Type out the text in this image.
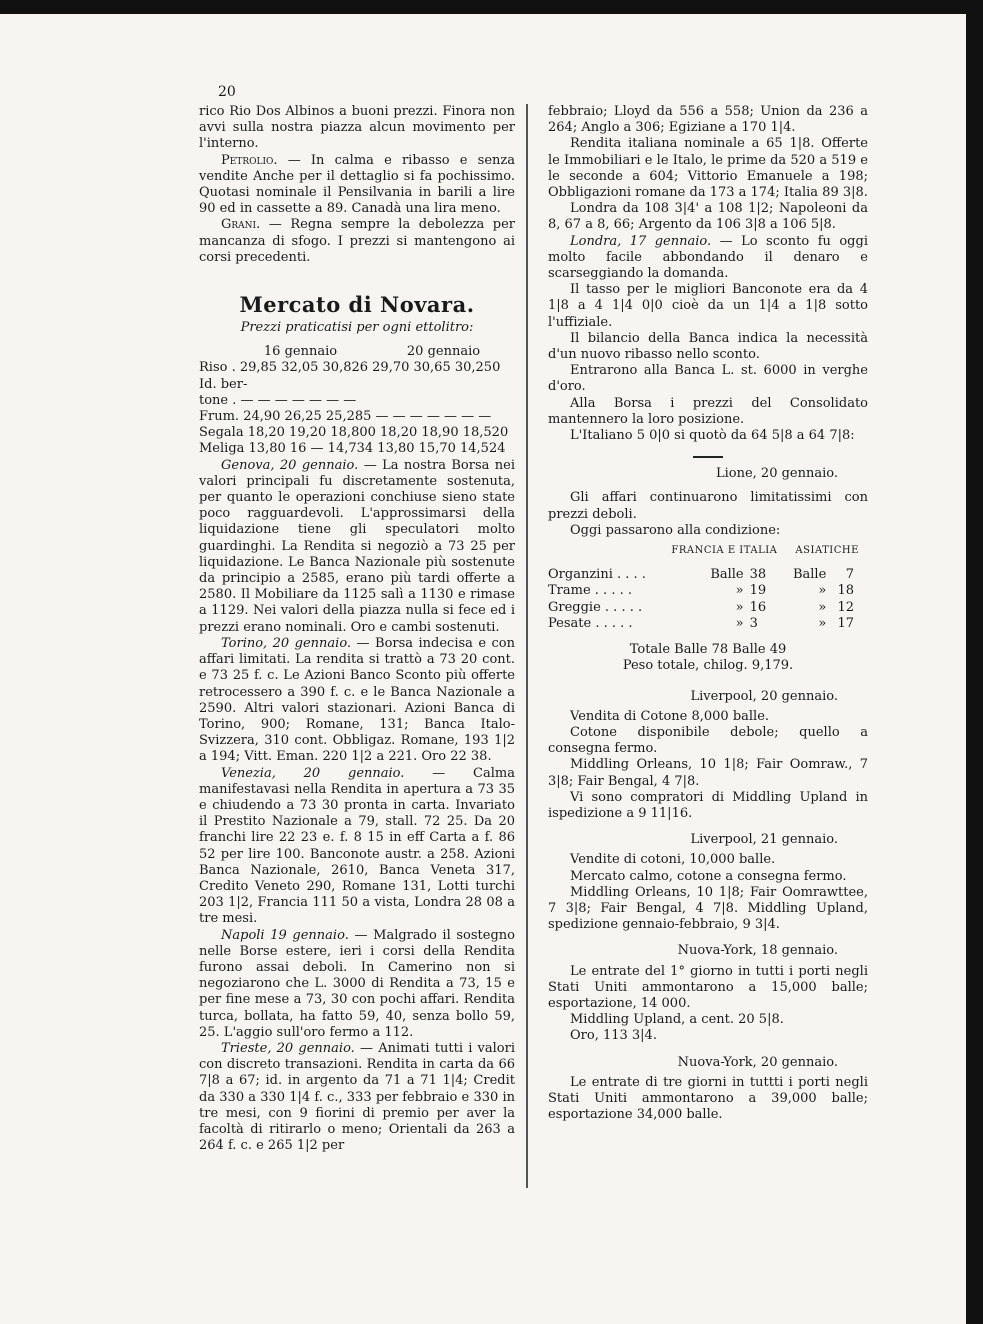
20

rico Rio Dos Albinos a buoni prezzi. Finora non avvi sulla nostra piazza alcun movimento per l'interno.

Petrolio. — In calma e ribasso e senza vendite Anche per il dettaglio si fa pochissimo. Quotasi nominale il Pensilvania in barili a lire 90 ed in cassette a 89. Canadà una lira meno.

Grani. — Regna sempre la debolezza per mancanza di sfogo. I prezzi si mantengono ai corsi precedenti.

Mercato di Novara.
Prezzi praticatisi per ogni ettolitro:
16 gennaio	20 gennaio
Riso . 29,85 32,05 30,826 29,70 30,65 30,250
Id. ber-
tone . — — — — — — —
Frum. 24,90 26,25 25,285 — — — — — — —
Segala 18,20 19,20 18,800 18,20 18,90 18,520
Meliga 13,80 16 — 14,734 13,80 15,70 14,524

Genova, 20 gennaio. — La nostra Borsa nei valori principali fu discretamente sostenuta, per quanto le operazioni conchiuse sieno state poco ragguardevoli. L'approssimarsi della liquidazione tiene gli speculatori molto guardinghi. La Rendita si negoziò a 73 25 per liquidazione. Le Banca Nazionale più sostenute da principio a 2585, erano più tardi offerte a 2580. Il Mobiliare da 1125 salì a 1130 e rimase a 1129. Nei valori della piazza nulla si fece ed i prezzi erano nominali. Oro e cambi sostenuti.

Torino, 20 gennaio. — Borsa indecisa e con affari limitati. La rendita si trattò a 73 20 cont. e 73 25 f. c. Le Azioni Banco Sconto più offerte retrocessero a 390 f. c. e le Banca Nazionale a 2590. Altri valori stazionari. Azioni Banca di Torino, 900; Romane, 131; Banca Italo-Svizzera, 310 cont. Obbligaz. Romane, 193 1|2 a 194; Vitt. Eman. 220 1|2 a 221. Oro 22 38.

Venezia, 20 gennaio. — Calma manifestavasi nella Rendita in apertura a 73 35 e chiudendo a 73 30 pronta in carta. Invariato il Prestito Nazionale a 79, stall. 72 25. Da 20 franchi lire 22 23 e. f. 8 15 in eff Carta a f. 86 52 per lire 100. Banconote austr. a 258. Azioni Banca Nazionale, 2610, Banca Veneta 317, Credito Veneto 290, Romane 131, Lotti turchi 203 1|2, Francia 111 50 a vista, Londra 28 08 a tre mesi.

Napoli 19 gennaio. — Malgrado il sostegno nelle Borse estere, ieri i corsi della Rendita furono assai deboli. In Camerino non si negoziarono che L. 3000 di Rendita a 73, 15 e per fine mese a 73, 30 con pochi affari. Rendita turca, bollata, ha fatto 59, 40, senza bollo 59, 25. L'aggio sull'oro fermo a 112.

Trieste, 20 gennaio. — Animati tutti i valori con discreto transazioni. Rendita in carta da 66 7|8 a 67; id. in argento da 71 a 71 1|4; Credit da 330 a 330 1|4 f. c., 333 per febbraio e 330 in tre mesi, con 9 fiorini di premio per aver la facoltà di ritirarlo o meno; Orientali da 263 a 264 f. c. e 265 1|2 per

febbraio; Lloyd da 556 a 558; Union da 236 a 264; Anglo a 306; Egiziane a 170 1|4.

Rendita italiana nominale a 65 1|8. Offerte le Immobiliari e le Italo, le prime da 520 a 519 e le seconde a 604; Vittorio Emanuele a 198; Obbligazioni romane da 173 a 174; Italia 89 3|8.

Londra da 108 3|4' a 108 1|2; Napoleoni da 8, 67 a 8, 66; Argento da 106 3|8 a 106 5|8.

Londra, 17 gennaio. — Lo sconto fu oggi molto facile abbondando il denaro e scarseggiando la domanda.

Il tasso per le migliori Banconote era da 4 1|8 a 4 1|4 0|0 cioè da un 1|4 a 1|8 sotto l'uffiziale.

Il bilancio della Banca indica la necessità d'un nuovo ribasso nello sconto.

Entrarono alla Banca L. st. 6000 in verghe d'oro.

Alla Borsa i prezzi del Consolidato mantennero la loro posizione.

L'Italiano 5 0|0 si quotò da 64 5|8 a 64 7|8:

Lione, 20 gennaio.

Gli affari continuarono limitatissimi con prezzi deboli.

Oggi passarono alla condizione:

	FRANCIA E ITALIA		ASIATICHE	
Organzini . . . .	Balle	38	Balle	7
Trame . . . . .	»	19	»	18
Greggie . . . . .	»	16	»	12
Pesate . . . . .	»	3	»	17
Totale Balle 78 Balle 49
Peso totale, chilog. 9,179.
Liverpool, 20 gennaio.

Vendita di Cotone 8,000 balle.

Cotone disponibile debole; quello a consegna fermo.

Middling Orleans, 10 1|8; Fair Oomraw., 7 3|8; Fair Bengal, 4 7|8.

Vi sono compratori di Middling Upland in ispedizione a 9 11|16.

Liverpool, 21 gennaio.

Vendite di cotoni, 10,000 balle.

Mercato calmo, cotone a consegna fermo.

Middling Orleans, 10 1|8; Fair Oomrawttee, 7 3|8; Fair Bengal, 4 7|8. Middling Upland, spedizione gennaio-febbraio, 9 3|4.

Nuova-York, 18 gennaio.

Le entrate del 1° giorno in tutti i porti negli Stati Uniti ammontarono a 15,000 balle; esportazione, 14 000.

Middling Upland, a cent. 20 5|8.

Oro, 113 3|4.

Nuova-York, 20 gennaio.

Le entrate di tre giorni in tuttti i porti negli Stati Uniti ammontarono a 39,000 balle; esportazione 34,000 balle.
